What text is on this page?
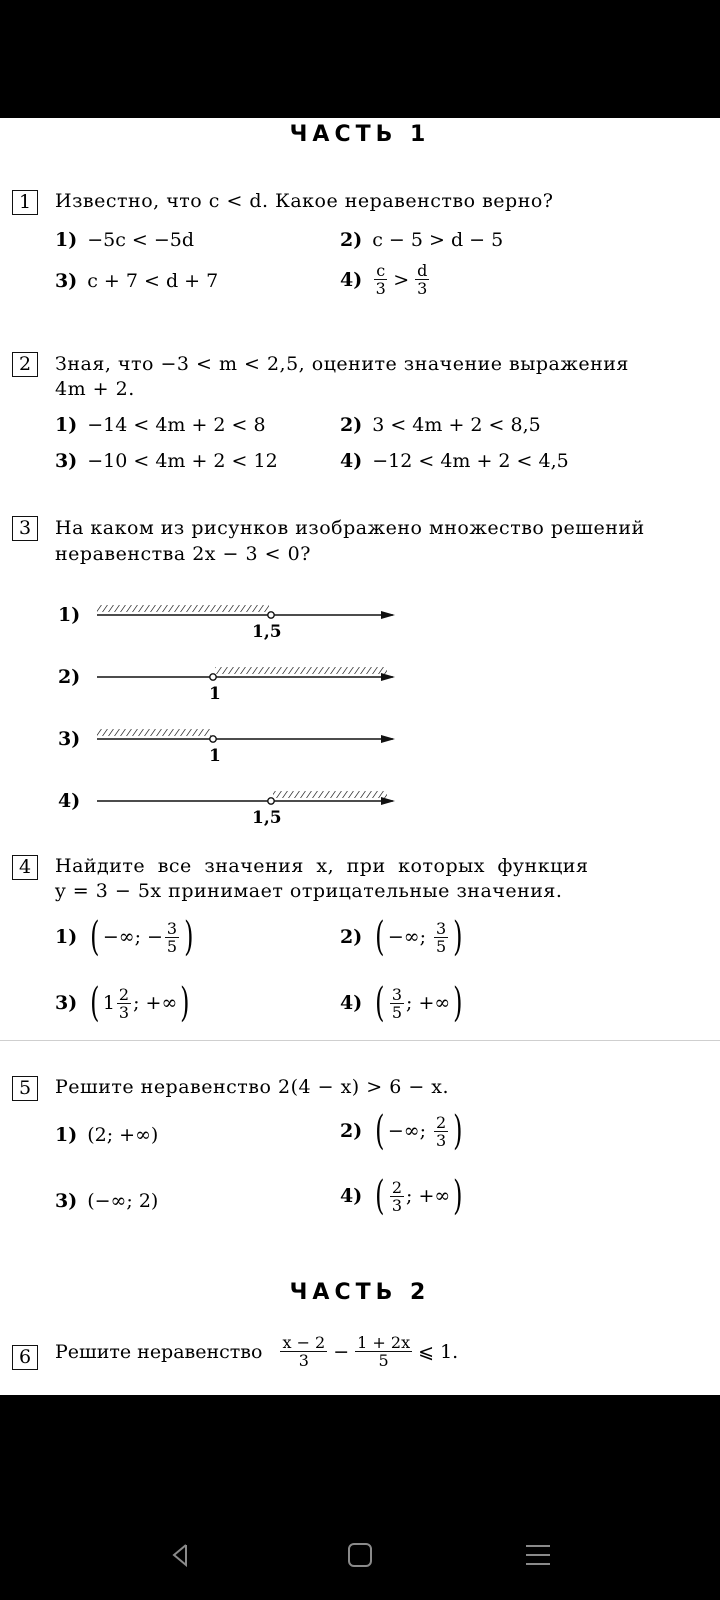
ЧАСТЬ 1
1	Известно, что c < d. Какое неравенство верно?
1) −5c < −5d	2) c − 5 > d − 5
3) c + 7 < d + 7	$4) \frac{c}{3} > \frac{d}{3}$
2	Зная, что −3 < m < 2,5, оцените значение выражения
4m + 2.
1) −14 < 4m + 2 < 8	2) 3 < 4m + 2 < 8,5
3) −10 < 4m + 2 < 12	4) −12 < 4m + 2 < 4,5
3	На каком из рисунков изображено множество решений
неравенства 2x − 3 < 0?
1)
1,5
2)
1
3)
1
4)
1,5
4	Найдите все значения x, при которых функция
y = 3 − 5x принимает отрицательные значения.
1) ( −∞; − $\frac{3}{5}$ )	2) ( −∞; $\frac{3}{5}$ )
3) ( $1 \frac{2}{3}$ ; +∞ )	4) ( $\frac{3}{5}$ ; +∞ )
5	Решите неравенство 2(4 − x) > 6 − x.
1) (2; +∞)	2) ( −∞; $\frac{2}{3}$ )
3) (−∞; 2)	4) ( $\frac{2}{3}$ ; +∞ )
ЧАСТЬ 2
6	Решите неравенство $\frac{x - 2}{3} - \frac{1 + 2x}{5}$ ⩽ 1.
